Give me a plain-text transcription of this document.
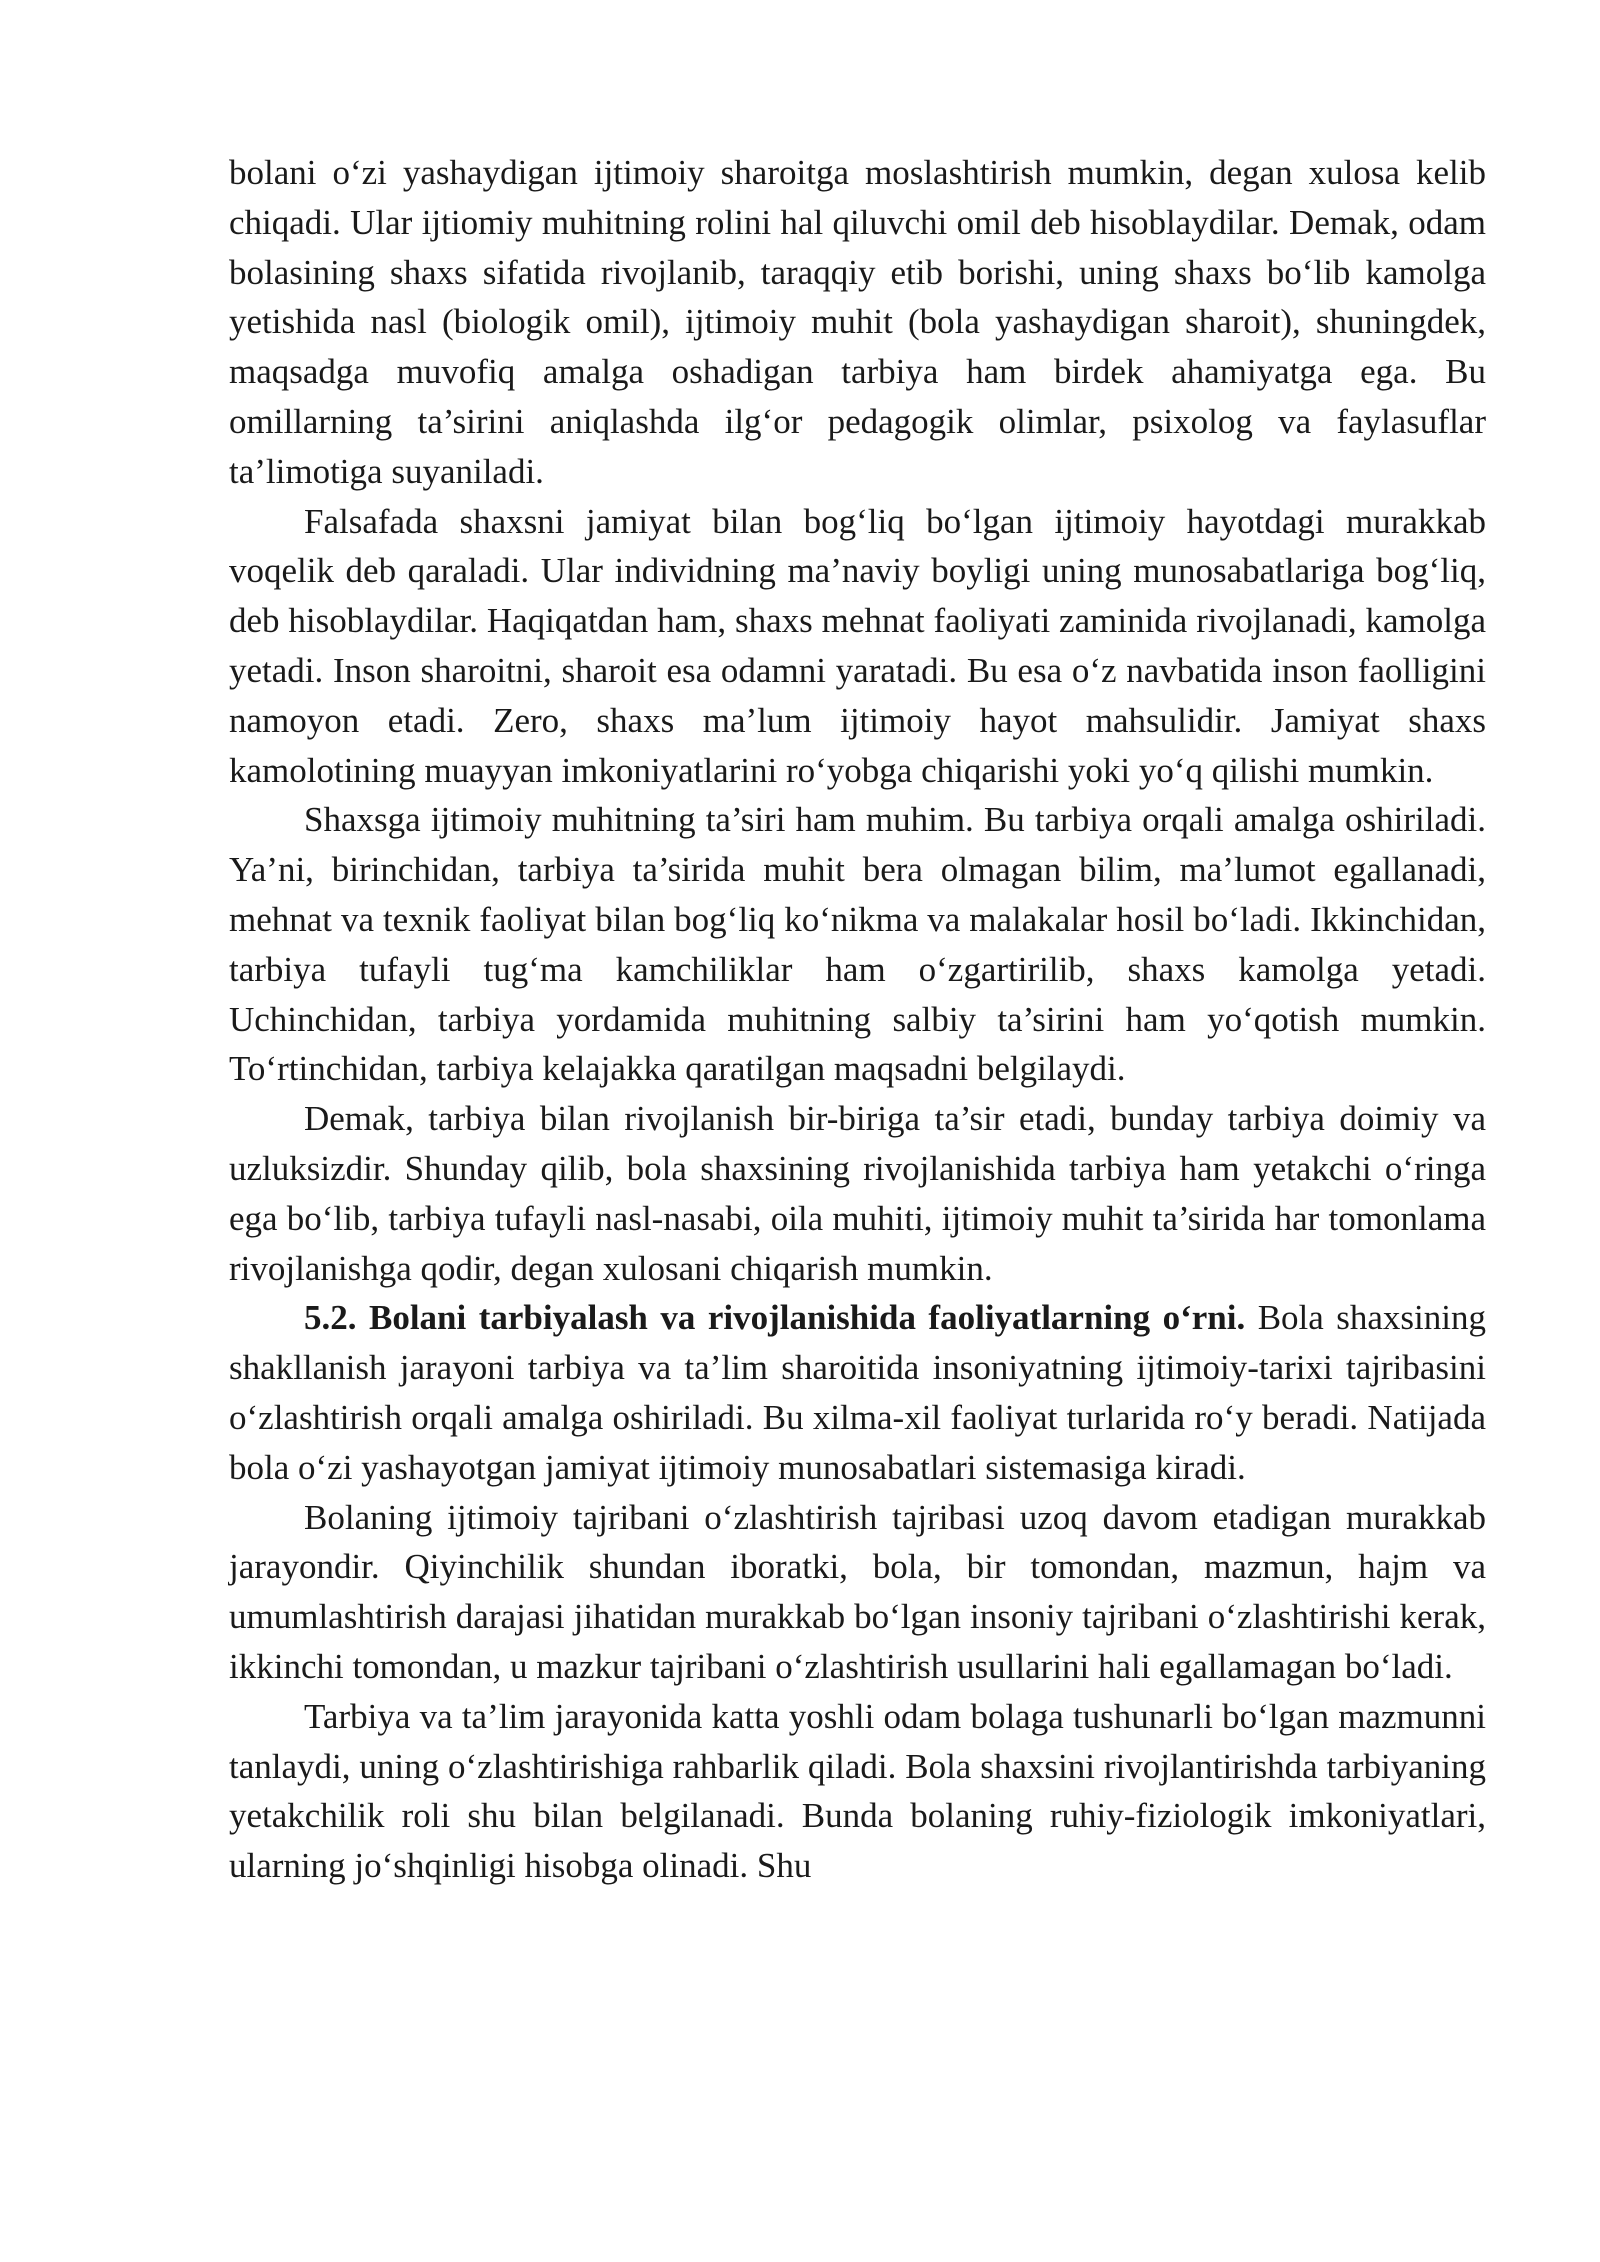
bolani o‘zi yashaydigan ijtimoiy sharoitga moslashtirish mumkin, degan xulosa kelib chiqadi. Ular ijtiomiy muhitning rolini hal qiluvchi omil deb hisoblaydilar. Demak, odam bolasining shaxs sifatida rivojlanib, taraqqiy etib borishi, uning shaxs bo‘lib kamolga yetishida nasl (biologik omil), ijtimoiy muhit (bola yashaydigan sharoit), shuningdek, maqsadga muvofiq amalga oshadigan tarbiya ham birdek ahamiyatga ega. Bu omillarning ta’sirini aniqlashda ilg‘or pedagogik olimlar, psixolog va faylasuflar ta’limotiga suyaniladi.

Falsafada shaxsni jamiyat bilan bog‘liq bo‘lgan ijtimoiy hayotdagi murakkab voqelik deb qaraladi. Ular individning ma’naviy boyligi uning munosabatlariga bog‘liq, deb hisoblaydilar. Haqiqatdan ham, shaxs mehnat faoliyati zaminida rivojlanadi, kamolga yetadi. Inson sharoitni, sharoit esa odamni yaratadi. Bu esa o‘z navbatida inson faolligini namoyon etadi. Zero, shaxs ma’lum ijtimoiy hayot mahsulidir. Jamiyat shaxs kamolotining muayyan imkoniyatlarini ro‘yobga chiqarishi yoki yo‘q qilishi mumkin.

Shaxsga ijtimoiy muhitning ta’siri ham muhim. Bu tarbiya orqali amalga oshiriladi. Ya’ni, birinchidan, tarbiya ta’sirida muhit bera olmagan bilim, ma’lumot egallanadi, mehnat va texnik faoliyat bilan bog‘liq ko‘nikma va malakalar hosil bo‘ladi. Ikkinchidan, tarbiya tufayli tug‘ma kamchiliklar ham o‘zgartirilib, shaxs kamolga yetadi. Uchinchidan, tarbiya yordamida muhitning salbiy ta’sirini ham yo‘qotish mumkin. To‘rtinchidan, tarbiya kelajakka qaratilgan maqsadni belgilaydi.

Demak, tarbiya bilan rivojlanish bir-biriga ta’sir etadi, bunday tarbiya doimiy va uzluksizdir. Shunday qilib, bola shaxsining rivojlanishida tarbiya ham yetakchi o‘ringa ega bo‘lib, tarbiya tufayli nasl-nasabi, oila muhiti, ijtimoiy muhit ta’sirida har tomonlama rivojlanishga qodir, degan xulosani chiqarish mumkin.

5.2. Bolani tarbiyalash va rivojlanishida faoliyatlarning o‘rni. Bola shaxsining shakllanish jarayoni tarbiya va ta’lim sharoitida insoniyatning ijtimoiy-tarixi tajribasini o‘zlashtirish orqali amalga oshiriladi. Bu xilma-xil faoliyat turlarida ro‘y beradi. Natijada bola o‘zi yashayotgan jamiyat ijtimoiy munosabatlari sistemasiga kiradi.

Bolaning ijtimoiy tajribani o‘zlashtirish tajribasi uzoq davom etadigan murakkab jarayondir. Qiyinchilik shundan iboratki, bola, bir tomondan, mazmun, hajm va umumlashtirish darajasi jihatidan murakkab bo‘lgan insoniy tajribani o‘zlashtirishi kerak, ikkinchi tomondan, u mazkur tajribani o‘zlashtirish usullarini hali egallamagan bo‘ladi.

Tarbiya va ta’lim jarayonida katta yoshli odam bolaga tushunarli bo‘lgan mazmunni tanlaydi, uning o‘zlashtirishiga rahbarlik qiladi. Bola shaxsini rivojlantirishda tarbiyaning yetakchilik roli shu bilan belgilanadi. Bunda bolaning ruhiy-fiziologik imkoniyatlari, ularning jo‘shqinligi hisobga olinadi. Shu
